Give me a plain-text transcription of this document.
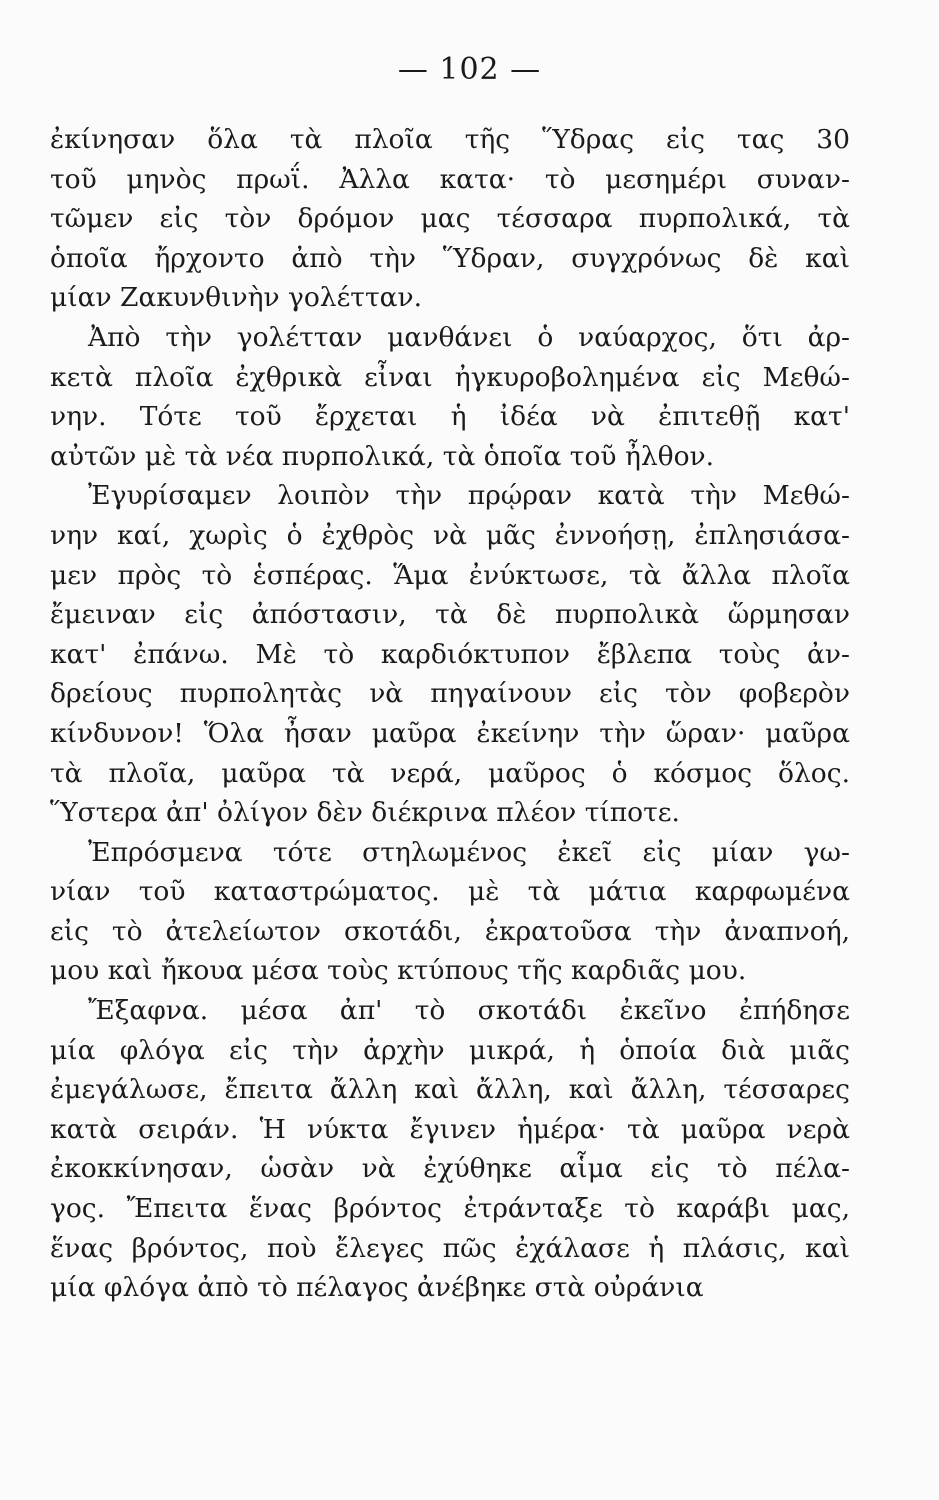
— 102 —
ἐκίνησαν ὅλα τὰ πλοῖα τῆς Ὕδρας εἰς τας 30
τοῦ μηνὸς πρωΐ. Ἀλλα κατα· τὸ μεσημέρι συναν-
τῶμεν εἰς τὸν δρόμον μας τέσσαρα πυρπολικά, τὰ
ὁποῖα ἤρχοντο ἀπὸ τὴν Ὕδραν, συγχρόνως δὲ καὶ
μίαν Ζακυνθινὴν γολέτταν.
Ἀπὸ τὴν γολέτταν μανθάνει ὁ ναύαρχος, ὅτι ἀρ-
κετὰ πλοῖα ἐχθρικὰ εἶναι ἠγκυροβολημένα εἰς Μεθώ-
νην. Τότε τοῦ ἔρχεται ἡ ἰδέα νὰ ἐπιτεθῇ κατ'
αὐτῶν μὲ τὰ νέα πυρπολικά, τὰ ὁποῖα τοῦ ἦλθον.
Ἐγυρίσαμεν λοιπὸν τὴν πρῴραν κατὰ τὴν Μεθώ-
νην καί, χωρὶς ὁ ἐχθρὸς νὰ μᾶς ἐννοήσῃ, ἐπλησιάσα-
μεν πρὸς τὸ ἑσπέρας. Ἅμα ἐνύκτωσε, τὰ ἄλλα πλοῖα
ἔμειναν εἰς ἀπόστασιν, τὰ δὲ πυρπολικὰ ὥρμησαν
κατ' ἐπάνω. Μὲ τὸ καρδιόκτυπον ἔβλεπα τοὺς ἀν-
δρείους πυρπολητὰς νὰ πηγαίνουν εἰς τὸν φοβερὸν
κίνδυνον! Ὅλα ἦσαν μαῦρα ἐκείνην τὴν ὥραν· μαῦρα
τὰ πλοῖα, μαῦρα τὰ νερά, μαῦρος ὁ κόσμος ὅλος.
Ὕστερα ἀπ' ὀλίγον δὲν διέκρινα πλέον τίποτε.
Ἐπρόσμενα τότε στηλωμένος ἐκεῖ εἰς μίαν γω-
νίαν τοῦ καταστρώματος. μὲ τὰ μάτια καρφωμένα
εἰς τὸ ἀτελείωτον σκοτάδι, ἐκρατοῦσα τὴν ἀναπνοή,
μου καὶ ἤκουα μέσα τοὺς κτύπους τῆς καρδιᾶς μου.
Ἔξαφνα. μέσα ἀπ' τὸ σκοτάδι ἐκεῖνο ἐπήδησε
μία φλόγα εἰς τὴν ἀρχὴν μικρά, ἡ ὁποία διὰ μιᾶς
ἐμεγάλωσε, ἔπειτα ἄλλη καὶ ἄλλη, καὶ ἄλλη, τέσσαρες
κατὰ σειράν. Ἡ νύκτα ἔγινεν ἡμέρα· τὰ μαῦρα νερὰ
ἐκοκκίνησαν, ὡσὰν νὰ ἐχύθηκε αἷμα εἰς τὸ πέλα-
γος. Ἔπειτα ἕνας βρόντος ἐτράνταξε τὸ καράβι μας,
ἕνας βρόντος, ποὺ ἔλεγες πῶς ἐχάλασε ἡ πλάσις, καὶ
μία φλόγα ἀπὸ τὸ πέλαγος ἀνέβηκε στὰ οὐράνια
